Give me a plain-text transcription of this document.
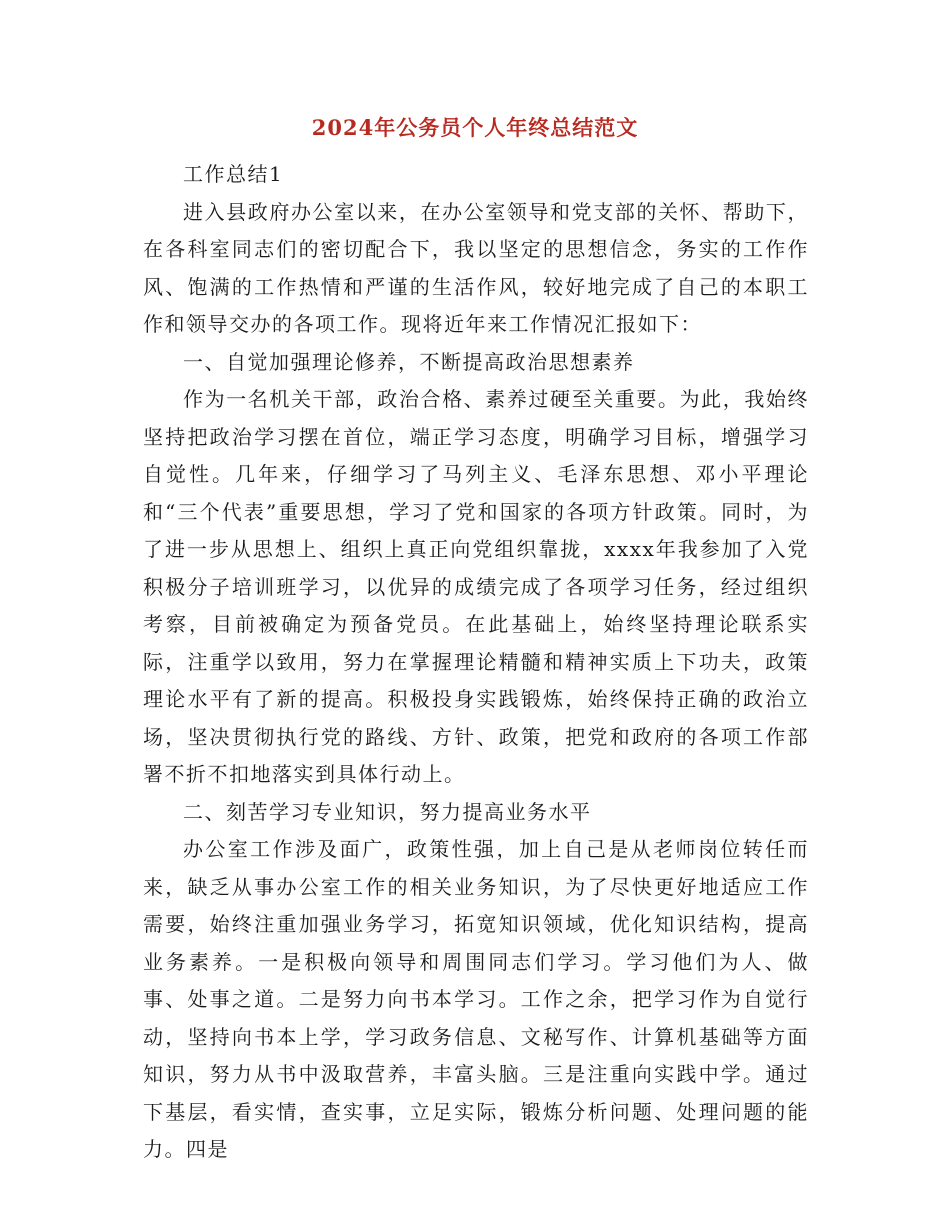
2024年公务员个人年终总结范文

工作总结1

进入县政府办公室以来，在办公室领导和党支部的关怀、帮助下，在各科室同志们的密切配合下，我以坚定的思想信念，务实的工作作风、饱满的工作热情和严谨的生活作风，较好地完成了自己的本职工作和领导交办的各项工作。现将近年来工作情况汇报如下：

一、自觉加强理论修养，不断提高政治思想素养

作为一名机关干部，政治合格、素养过硬至关重要。为此，我始终坚持把政治学习摆在首位，端正学习态度，明确学习目标，增强学习自觉性。几年来，仔细学习了马列主义、毛泽东思想、邓小平理论和“三个代表”重要思想，学习了党和国家的各项方针政策。同时，为了进一步从思想上、组织上真正向党组织靠拢，xxxx年我参加了入党积极分子培训班学习，以优异的成绩完成了各项学习任务，经过组织考察，目前被确定为预备党员。在此基础上，始终坚持理论联系实际，注重学以致用，努力在掌握理论精髓和精神实质上下功夫，政策理论水平有了新的提高。积极投身实践锻炼，始终保持正确的政治立场，坚决贯彻执行党的路线、方针、政策，把党和政府的各项工作部署不折不扣地落实到具体行动上。

二、刻苦学习专业知识，努力提高业务水平

办公室工作涉及面广，政策性强，加上自己是从老师岗位转任而来，缺乏从事办公室工作的相关业务知识，为了尽快更好地适应工作需要，始终注重加强业务学习，拓宽知识领域，优化知识结构，提高业务素养。一是积极向领导和周围同志们学习。学习他们为人、做事、处事之道。二是努力向书本学习。工作之余，把学习作为自觉行动，坚持向书本上学，学习政务信息、文秘写作、计算机基础等方面知识，努力从书中汲取营养，丰富头脑。三是注重向实践中学。通过下基层，看实情，查实事，立足实际，锻炼分析问题、处理问题的能力。四是
